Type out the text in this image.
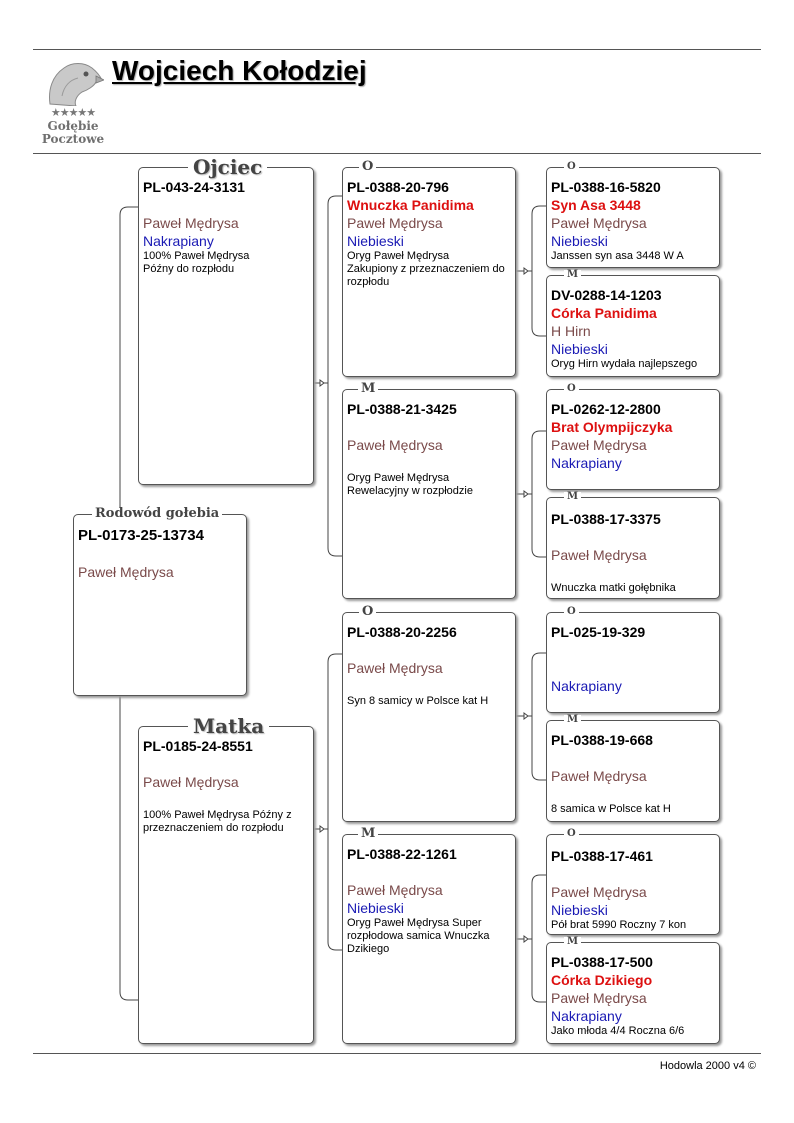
★★★★★
Gołębie
Pocztowe
Wojciech Kołodziej
PL-0173-25-13734
Paweł Mędrysa
Rodowód gołebia
PL-043-24-3131
Paweł Mędrysa
Nakrapiany
100% Paweł Mędrysa
Późny do rozpłodu
Ojciec
PL-0185-24-8551
Paweł Mędrysa
100% Paweł Mędrysa Późny z przeznaczeniem do rozpłodu
Matka
PL-0388-20-796
Wnuczka Panidima
Paweł Mędrysa
Niebieski
Oryg Paweł Mędrysa
Zakupiony z przeznaczeniem do rozpłodu
O
PL-0388-21-3425
Paweł Mędrysa
Oryg Paweł Mędrysa
Rewelacyjny w rozpłodzie
M
PL-0388-20-2256
Paweł Mędrysa
Syn 8 samicy w Polsce kat H
O
PL-0388-22-1261
Paweł Mędrysa
Niebieski
Oryg Paweł Mędrysa Super rozpłodowa samica Wnuczka Dzikiego
M
PL-0388-16-5820
Syn Asa 3448
Paweł Mędrysa
Niebieski
Janssen syn asa 3448 W A
O
DV-0288-14-1203
Córka Panidima
H Hirn
Niebieski
Oryg Hirn wydała najlepszego
M
PL-0262-12-2800
Brat Olympijczyka
Paweł Mędrysa
Nakrapiany
O
PL-0388-17-3375
Paweł Mędrysa
Wnuczka matki gołębnika
M
PL-025-19-329
Nakrapiany
O
PL-0388-19-668
Paweł Mędrysa
8 samica w Polsce kat H
M
PL-0388-17-461
Paweł Mędrysa
Niebieski
Pół brat 5990 Roczny 7 kon
O
PL-0388-17-500
Córka Dzikiego
Paweł Mędrysa
Nakrapiany
Jako młoda 4/4 Roczna 6/6
M
Hodowla 2000 v4 ©
